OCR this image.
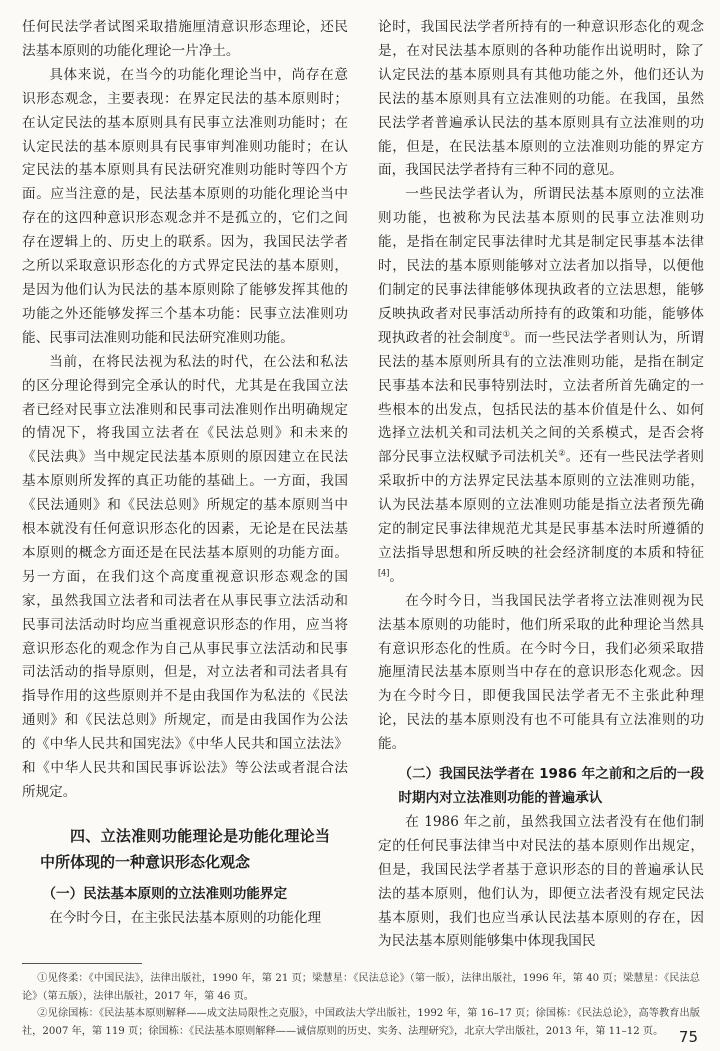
任何民法学者试图采取措施厘清意识形态理论，还民法基本原则的功能化理论一片净土。

具体来说，在当今的功能化理论当中，尚存在意识形态观念，主要表现：在界定民法的基本原则时；在认定民法的基本原则具有民事立法准则功能时；在认定民法的基本原则具有民事审判准则功能时；在认定民法的基本原则具有民法研究准则功能时等四个方面。应当注意的是，民法基本原则的功能化理论当中存在的这四种意识形态观念并不是孤立的，它们之间存在逻辑上的、历史上的联系。因为，我国民法学者之所以采取意识形态化的方式界定民法的基本原则，是因为他们认为民法的基本原则除了能够发挥其他的功能之外还能够发挥三个基本功能：民事立法准则功能、民事司法准则功能和民法研究准则功能。

当前，在将民法视为私法的时代，在公法和私法的区分理论得到完全承认的时代，尤其是在我国立法者已经对民事立法准则和民事司法准则作出明确规定的情况下，将我国立法者在《民法总则》和未来的《民法典》当中规定民法基本原则的原因建立在民法基本原则所发挥的真正功能的基础上。一方面，我国《民法通则》和《民法总则》所规定的基本原则当中根本就没有任何意识形态化的因素，无论是在民法基本原则的概念方面还是在民法基本原则的功能方面。另一方面，在我们这个高度重视意识形态观念的国家，虽然我国立法者和司法者在从事民事立法活动和民事司法活动时均应当重视意识形态的作用，应当将意识形态化的观念作为自己从事民事立法活动和民事司法活动的指导原则，但是，对立法者和司法者具有指导作用的这些原则并不是由我国作为私法的《民法通则》和《民法总则》所规定，而是由我国作为公法的《中华人民共和国宪法》《中华人民共和国立法法》和《中华人民共和国民事诉讼法》等公法或者混合法所规定。

四、立法准则功能理论是功能化理论当中所体现的一种意识形态化观念
（一）民法基本原则的立法准则功能界定

在今时今日，在主张民法基本原则的功能化理

论时，我国民法学者所持有的一种意识形态化的观念是，在对民法基本原则的各种功能作出说明时，除了认定民法的基本原则具有其他功能之外，他们还认为民法的基本原则具有立法准则的功能。在我国，虽然民法学者普遍承认民法的基本原则具有立法准则的功能，但是，在民法基本原则的立法准则功能的界定方面，我国民法学者持有三种不同的意见。

一些民法学者认为，所谓民法基本原则的立法准则功能，也被称为民法基本原则的民事立法准则功能，是指在制定民事法律时尤其是制定民事基本法律时，民法的基本原则能够对立法者加以指导，以便他们制定的民事法律能够体现执政者的立法思想，能够反映执政者对民事活动所持有的政策和功能，能够体现执政者的社会制度①。而一些民法学者则认为，所谓民法的基本原则所具有的立法准则功能，是指在制定民事基本法和民事特别法时，立法者所首先确定的一些根本的出发点，包括民法的基本价值是什么、如何选择立法机关和司法机关之间的关系模式，是否会将部分民事立法权赋予司法机关②。还有一些民法学者则采取折中的方法界定民法基本原则的立法准则功能，认为民法基本原则的立法准则功能是指立法者预先确定的制定民事法律规范尤其是民事基本法时所遵循的立法指导思想和所反映的社会经济制度的本质和特征[4]。

在今时今日，当我国民法学者将立法准则视为民法基本原则的功能时，他们所采取的此种理论当然具有意识形态化的性质。在今时今日，我们必须采取措施厘清民法基本原则当中存在的意识形态化观念。因为在今时今日，即便我国民法学者无不主张此种理论，民法的基本原则没有也不可能具有立法准则的功能。

（二）我国民法学者在 1986 年之前和之后的一段时期内对立法准则功能的普遍承认

在 1986 年之前，虽然我国立法者没有在他们制定的任何民事法律当中对民法的基本原则作出规定，但是，我国民法学者基于意识形态的目的普遍承认民法的基本原则，他们认为，即便立法者没有规定民法基本原则，我们也应当承认民法基本原则的存在，因为民法基本原则能够集中体现我国民

①见佟柔：《中国民法》，法律出版社，1990 年，第 21 页；梁慧星：《民法总论》（第一版），法律出版社，1996 年，第 40 页；梁慧星：《民法总论》（第五版），法律出版社，2017 年，第 46 页。

②见徐国栋：《民法基本原则解释——成文法局限性之克服》，中国政法大学出版社，1992 年，第 16–17 页；徐国栋：《民法总论》，高等教育出版社，2007 年，第 119 页；徐国栋：《民法基本原则解释——诚信原则的历史、实务、法理研究》，北京大学出版社，2013 年，第 11–12 页。	75
